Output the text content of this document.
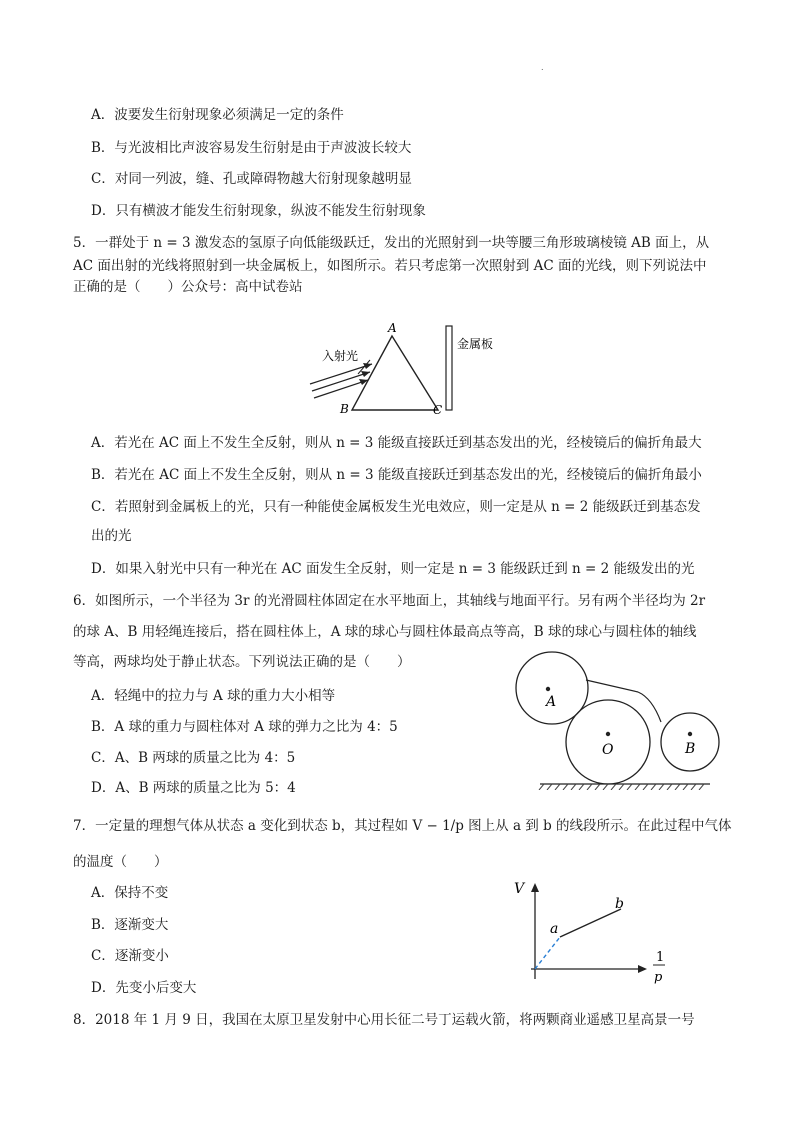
.
A．波要发生衍射现象必须满足一定的条件
B．与光波相比声波容易发生衍射是由于声波波长较大
C．对同一列波，缝、孔或障碍物越大衍射现象越明显
D．只有横波才能发生衍射现象，纵波不能发生衍射现象
5．一群处于 n = 3 激发态的氢原子向低能级跃迁，发出的光照射到一块等腰三角形玻璃棱镜 AB 面上，从
AC 面出射的光线将照射到一块金属板上，如图所示。若只考虑第一次照射到 AC 面的光线，则下列说法中
正确的是（　　）公众号：高中试卷站
A
B	C
入射光
金属板
A．若光在 AC 面上不发生全反射，则从 n = 3 能级直接跃迁到基态发出的光，经棱镜后的偏折角最大
B．若光在 AC 面上不发生全反射，则从 n = 3 能级直接跃迁到基态发出的光，经棱镜后的偏折角最小
C．若照射到金属板上的光，只有一种能使金属板发生光电效应，则一定是从 n = 2 能级跃迁到基态发
出的光
D．如果入射光中只有一种光在 AC 面发生全反射，则一定是 n = 3 能级跃迁到 n = 2 能级发出的光
6．如图所示，一个半径为 3r 的光滑圆柱体固定在水平地面上，其轴线与地面平行。另有两个半径均为 2r
的球 A、B 用轻绳连接后，搭在圆柱体上，A 球的球心与圆柱体最高点等高，B 球的球心与圆柱体的轴线
等高，两球均处于静止状态。下列说法正确的是（　　）
A
O	B
A．轻绳中的拉力与 A 球的重力大小相等
B．A 球的重力与圆柱体对 A 球的弹力之比为 4：5
C．A、B 两球的质量之比为 4：5
D．A、B 两球的质量之比为 5：4
7．一定量的理想气体从状态 a 变化到状态 b，其过程如 V − 1/p 图上从 a 到 b 的线段所示。在此过程中气体
的温度（　　）
V
a
b
1
p
A．保持不变
B．逐渐变大
C．逐渐变小
D．先变小后变大
8．2018 年 1 月 9 日，我国在太原卫星发射中心用长征二号丁运载火箭，将两颗商业遥感卫星高景一号
